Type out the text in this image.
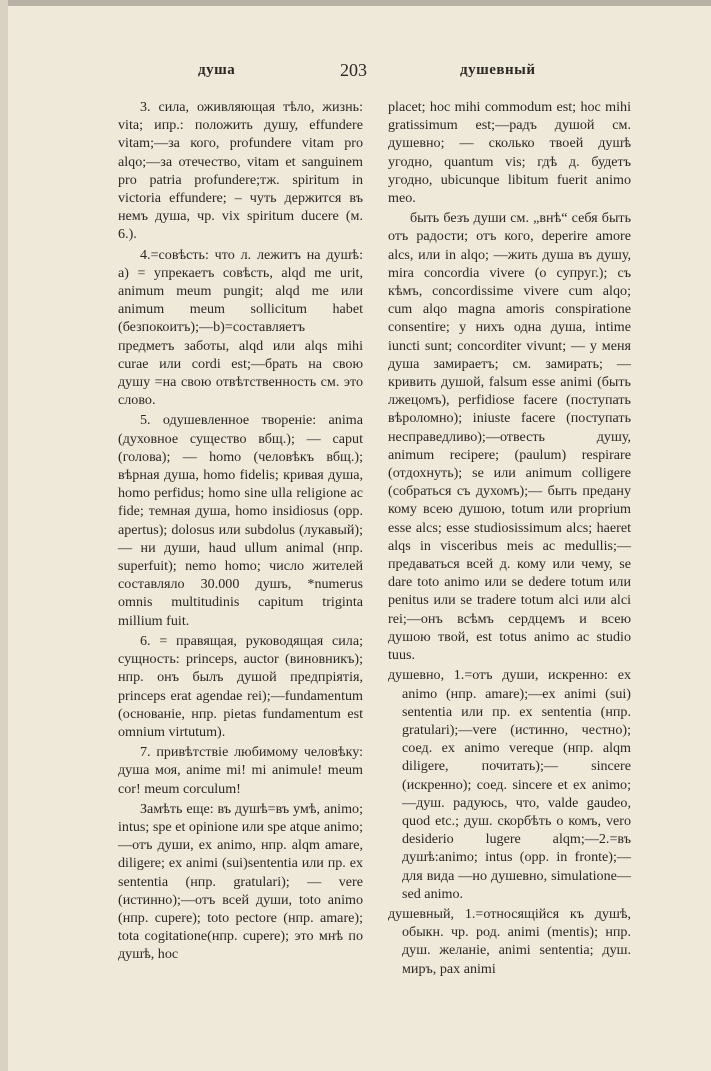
душа	203	душевный

3. сила, оживляющая тѣло, жизнь: vita; ипр.: положить душу, effundere vitam;—за кого, profundere vitam pro alqo;—за отечество, vitam et sanguinem pro patria profundere;тж. spiritum in victoria effundere; – чуть держится въ немъ душа, чр. vix spiritum ducere (м. 6.).

4.=совѣсть: что л. лежитъ на душѣ: а) = упрекаетъ совѣсть, alqd me urit, animum meum pungit; alqd me или animum meum sollicitum habet (безпокоитъ);—b)=составляетъ предметъ заботы, alqd или alqs mihi curae или cordi est;—брать на свою душу =на свою отвѣтственность см. это слово.

5. одушевленное твореніе: anima (духовное существо вбщ.); — caput (голова); — homo (человѣкъ вбщ.); вѣрная душа, homo fidelis; кривая душа, homo perfidus; homo sine ulla religione ac fide; темная душа, homo insidiosus (opp. apertus); dolosus или subdolus (лукавый); — ни души, haud ullum animal (нпр. superfuit); nemo homo; число жителей составляло 30.000 душъ, *numerus omnis multitudinis capitum triginta millium fuit.

6. = правящая, руководящая сила; сущность: princeps, auctor (виновникъ); нпр. онъ былъ душой предпріятія, princeps erat agendae rei);—fundamentum (основаніе, нпр. pietas fundamentum est omnium virtutum).

7. привѣтствіе любимому человѣку: душа моя, anime mi! mi animule! meum cor! meum corculum!

Замѣть еще: въ душѣ=въ умѣ, animo; intus; spe et opinione или spe atque animo;—отъ души, ex animo, нпр. alqm amare, diligere; ex animi (sui)sententia или пр. ex sententia (нпр. gratulari); — vere (истинно);—отъ всей души, toto animo (нпр. cupere); toto pectore (нпр. amare); tota cogitatione(нпр. cupere); это мнѣ по душѣ, hoc

placet; hoc mihi commodum est; hoc mihi gratissimum est;—радъ душой см. душевно; — сколько твоей душѣ угодно, quantum vis; гдѣ д. будетъ угодно, ubicunque libitum fuerit animo meo.

быть безъ души см. „внѣ“ себя быть отъ радости; отъ кого, deperire amore alcs, или in alqo; —жить душа въ душу, mira concordia vivere (о супруг.); съ кѣмъ, concordissime vivere cum alqo; cum alqo magna amoris conspiratione consentire; у нихъ одна душа, intime iuncti sunt; concorditer vivunt; — у меня душа замираетъ; см. замирать; — кривить душой, falsum esse animi (быть лжецомъ), perfidiose facere (поступать вѣроломно); iniuste facere (поступать несправедливо);—отвесть душу, animum recipere; (paulum) respirare (отдохнуть); se или animum colligere (собраться съ духомъ);— быть предану кому всею душою, totum или proprium esse alcs; esse studiosissimum alcs; haeret alqs in visceribus meis ac medullis;—предаваться всей д. кому или чему, se dare toto animo или se dedere totum или penitus или se tradere totum alci или alci rei;—онъ всѣмъ сердцемъ и всею душою твой, est totus animo ac studio tuus.

душевно, 1.=отъ души, искренно: ex animo (нпр. amare);—ex animi (sui) sententia или пр. ex sententia (нпр. gratulari);—vere (истинно, честно); соед. ex animo vereque (нпр. alqm diligere, почитать);— sincere (искренно); соед. sincere et ex animo;—душ. радуюсь, что, valde gaudeo, quod etc.; душ. скорбѣть о комъ, vero desiderio lugere alqm;—2.=въ душѣ:animo; intus (opp. in fronte);—для вида —но душевно, simulatione—sed animo.

душевный, 1.=относящійся къ душѣ, обыкн. чр. род. animi (mentis); нпр. душ. желаніе, animi sententia; душ. миръ, pax animi
